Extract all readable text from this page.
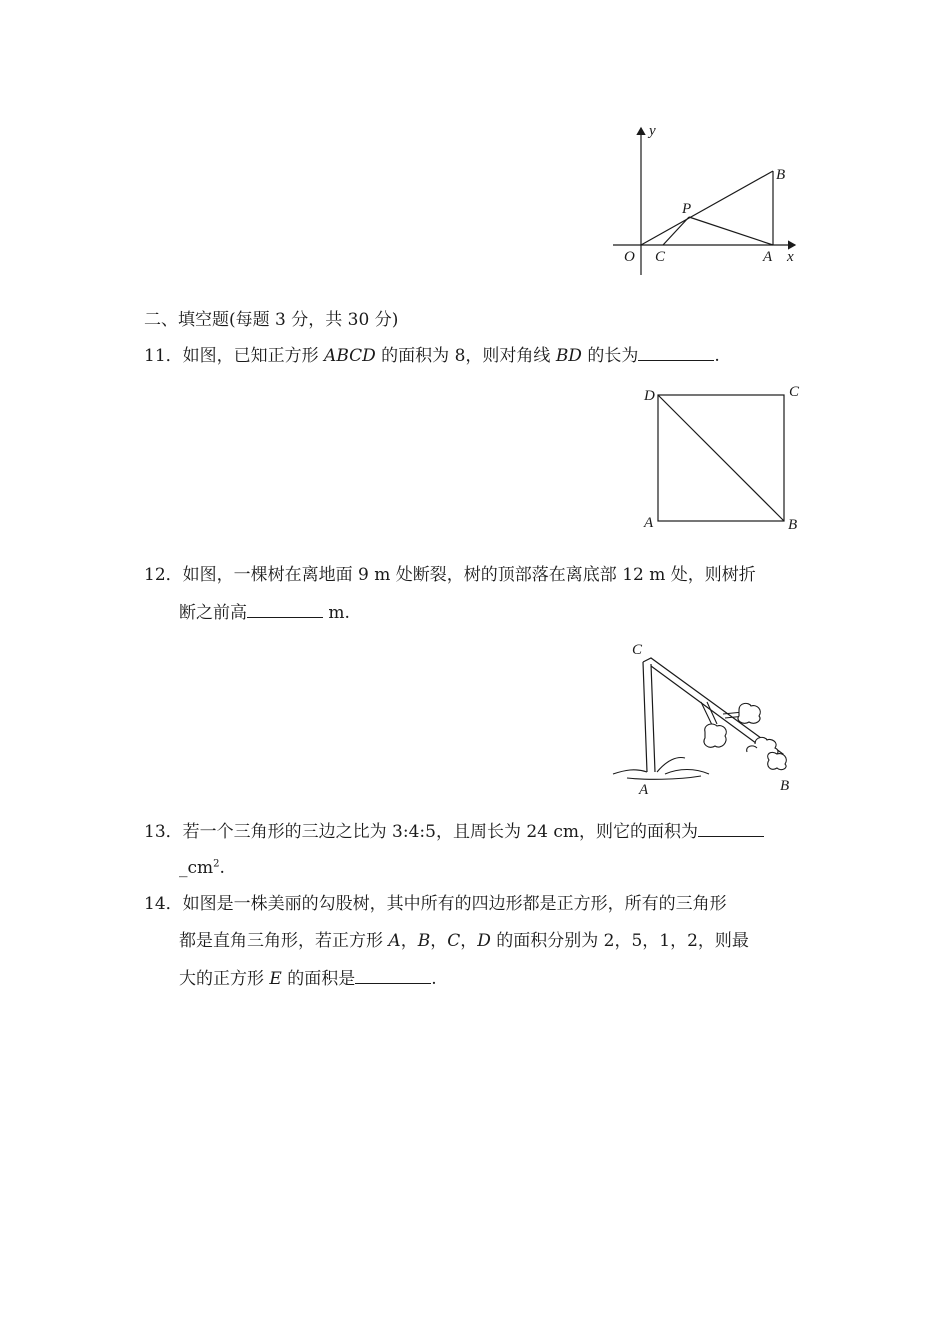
y
x
O C	A
P
B
二、填空题(每题 3 分，共 30 分)
11．如图，已知正方形 ABCD 的面积为 8，则对角线 BD 的长为	.
D	C
A	B
12．如图，一棵树在离地面 9 m 处断裂，树的顶部落在离底部 12 m 处，则树折
断之前高	m.
C
A	B
13．若一个三角形的三边之比为 3:4:5，且周长为 24 cm，则它的面积为
$\_cm^2$.
14．如图是一株美丽的勾股树，其中所有的四边形都是正方形，所有的三角形
都是直角三角形，若正方形 A，B，C，D 的面积分别为 2，5，1，2，则最
大的正方形 E 的面积是	.
